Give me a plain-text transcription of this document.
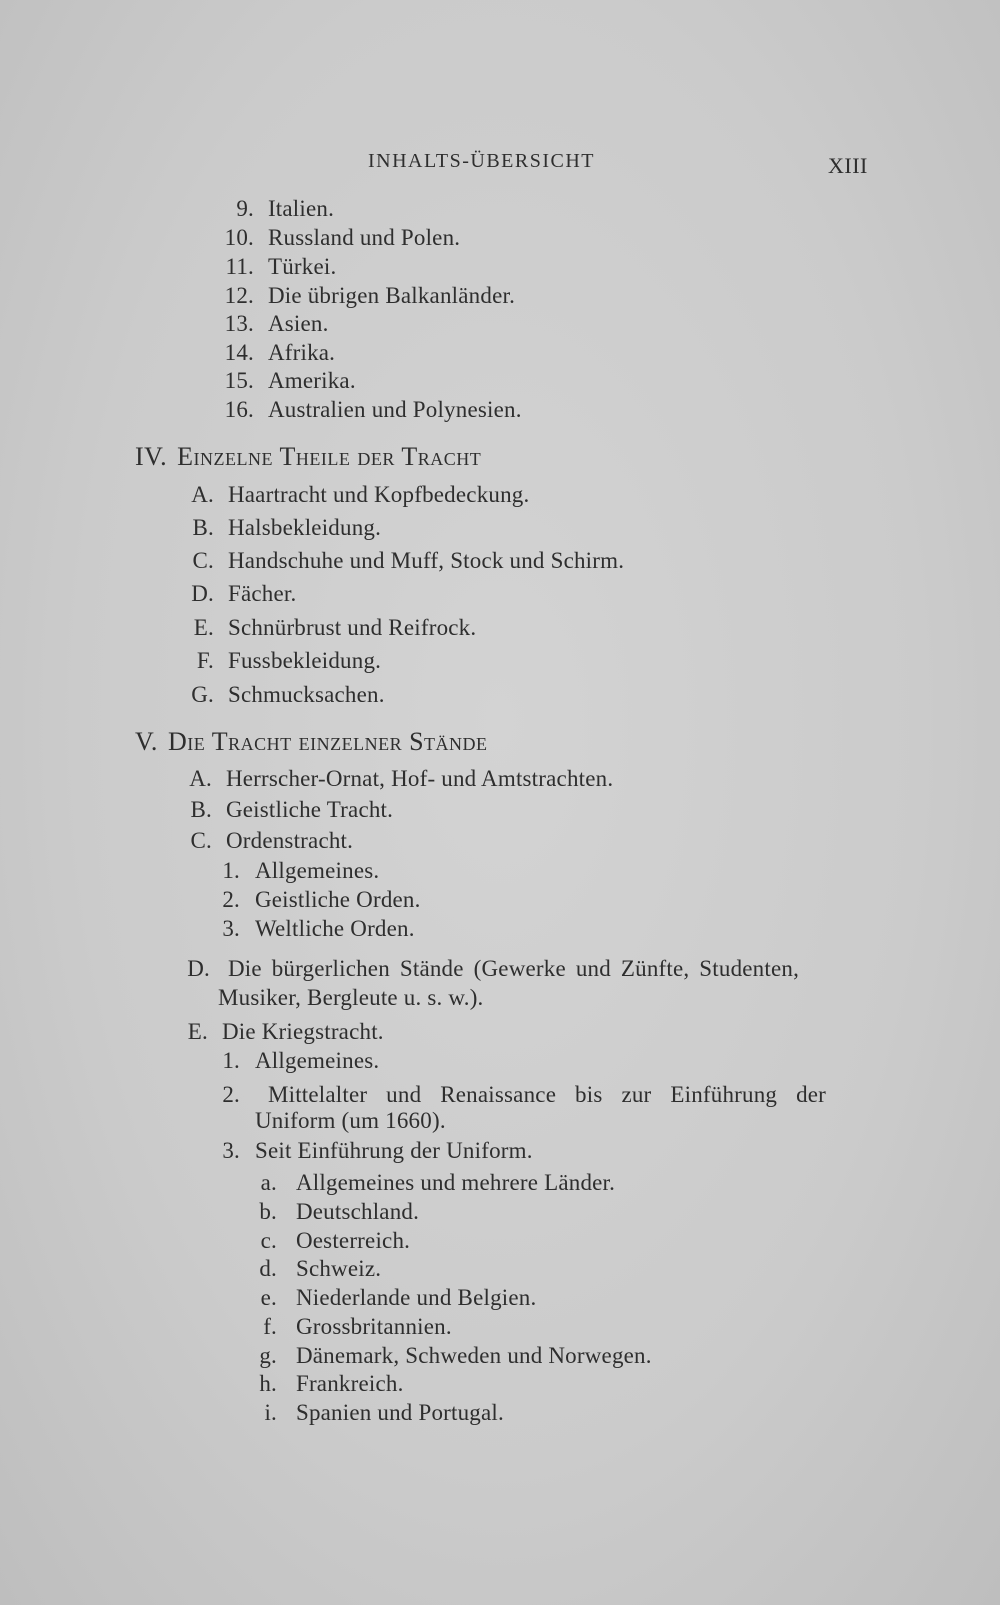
INHALTS-ÜBERSICHT	XIII
9. Italien.
10. Russland und Polen.
11. Türkei.
12. Die übrigen Balkanländer.
13. Asien.
14. Afrika.
15. Amerika.
16. Australien und Polynesien.
IV. Einzelne Theile der Tracht
A. Haartracht und Kopfbedeckung.
B. Halsbekleidung.
C. Handschuhe und Muff, Stock und Schirm.
D. Fächer.
E. Schnürbrust und Reifrock.
F. Fussbekleidung.
G. Schmucksachen.
V. Die Tracht einzelner Stände
A. Herrscher-Ornat, Hof- und Amtstrachten.
B. Geistliche Tracht.
C. Ordenstracht.
1. Allgemeines.
2. Geistliche Orden.
3. Weltliche Orden.
D. Die bürgerlichen Stände (Gewerke und Zünfte, Studenten,
Musiker, Bergleute u. s. w.).
E. Die Kriegstracht.
1. Allgemeines.
2. Mittelalter und Renaissance bis zur Einführung der
Uniform (um 1660).
3. Seit Einführung der Uniform.
a. Allgemeines und mehrere Länder.
b. Deutschland.
c. Oesterreich.
d. Schweiz.
e. Niederlande und Belgien.
f. Grossbritannien.
g. Dänemark, Schweden und Norwegen.
h. Frankreich.
i. Spanien und Portugal.
